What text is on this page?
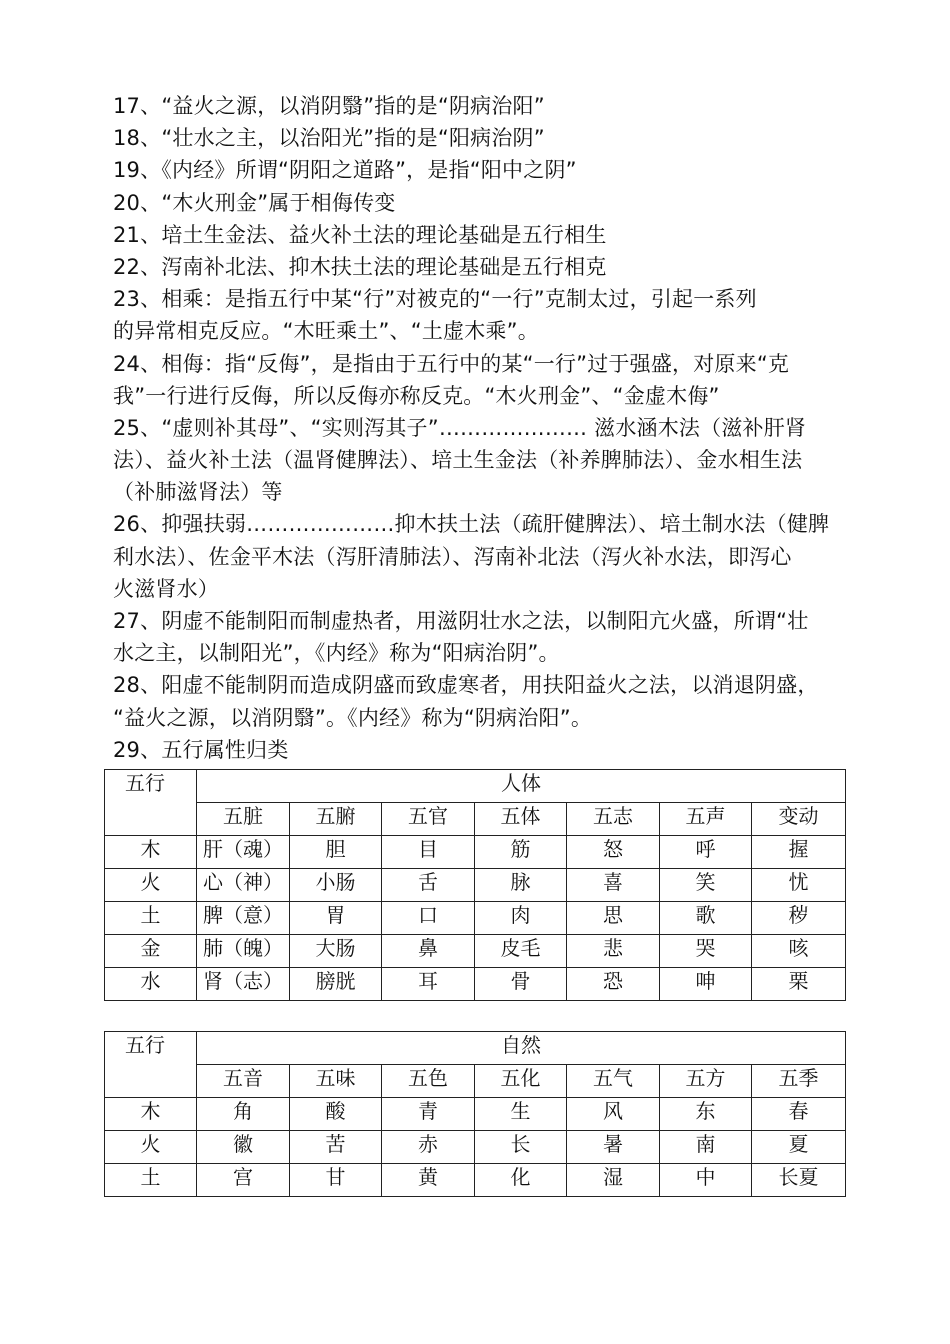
17、“益火之源，以消阴翳”指的是“阴病治阳”
18、“壮水之主，以治阳光”指的是“阳病治阴”
19、《内经》所谓“阴阳之道路”，是指“阳中之阴”
20、“木火刑金”属于相侮传变
21、培土生金法、益火补土法的理论基础是五行相生
22、泻南补北法、抑木扶土法的理论基础是五行相克
23、相乘：是指五行中某“行”对被克的“一行”克制太过，引起一系列
的异常相克反应。“木旺乘土”、“土虚木乘”。
24、相侮：指“反侮”，是指由于五行中的某“一行”过于强盛，对原来“克
我”一行进行反侮，所以反侮亦称反克。“木火刑金”、“金虚木侮”
25、“虚则补其母”、“实则泻其子”………………… 滋水涵木法（滋补肝肾
法）、益火补土法（温肾健脾法）、培土生金法（补养脾肺法）、金水相生法
（补肺滋肾法）等
26、抑强扶弱…………………抑木扶土法（疏肝健脾法）、培土制水法（健脾
利水法）、佐金平木法（泻肝清肺法）、泻南补北法（泻火补水法，即泻心
火滋肾水）
27、阴虚不能制阳而制虚热者，用滋阴壮水之法，以制阳亢火盛，所谓“壮
水之主，以制阳光”，《内经》称为“阳病治阴”。
28、阳虚不能制阴而造成阴盛而致虚寒者，用扶阳益火之法，以消退阴盛，
“益火之源，以消阴翳”。《内经》称为“阴病治阳”。
29、五行属性归类
五行	人体						
	五脏	五腑	五官	五体	五志	五声	变动
木	肝（魂）	胆	目	筋	怒	呼	握
火	心（神）	小肠	舌	脉	喜	笑	忧
土	脾（意）	胃	口	肉	思	歌	秽
金	肺（魄）	大肠	鼻	皮毛	悲	哭	咳
水	肾（志）	膀胱	耳	骨	恐	呻	栗
五行	自然						
	五音	五味	五色	五化	五气	五方	五季
木	角	酸	青	生	风	东	春
火	徽	苦	赤	长	暑	南	夏
土	宫	甘	黄	化	湿	中	长夏
